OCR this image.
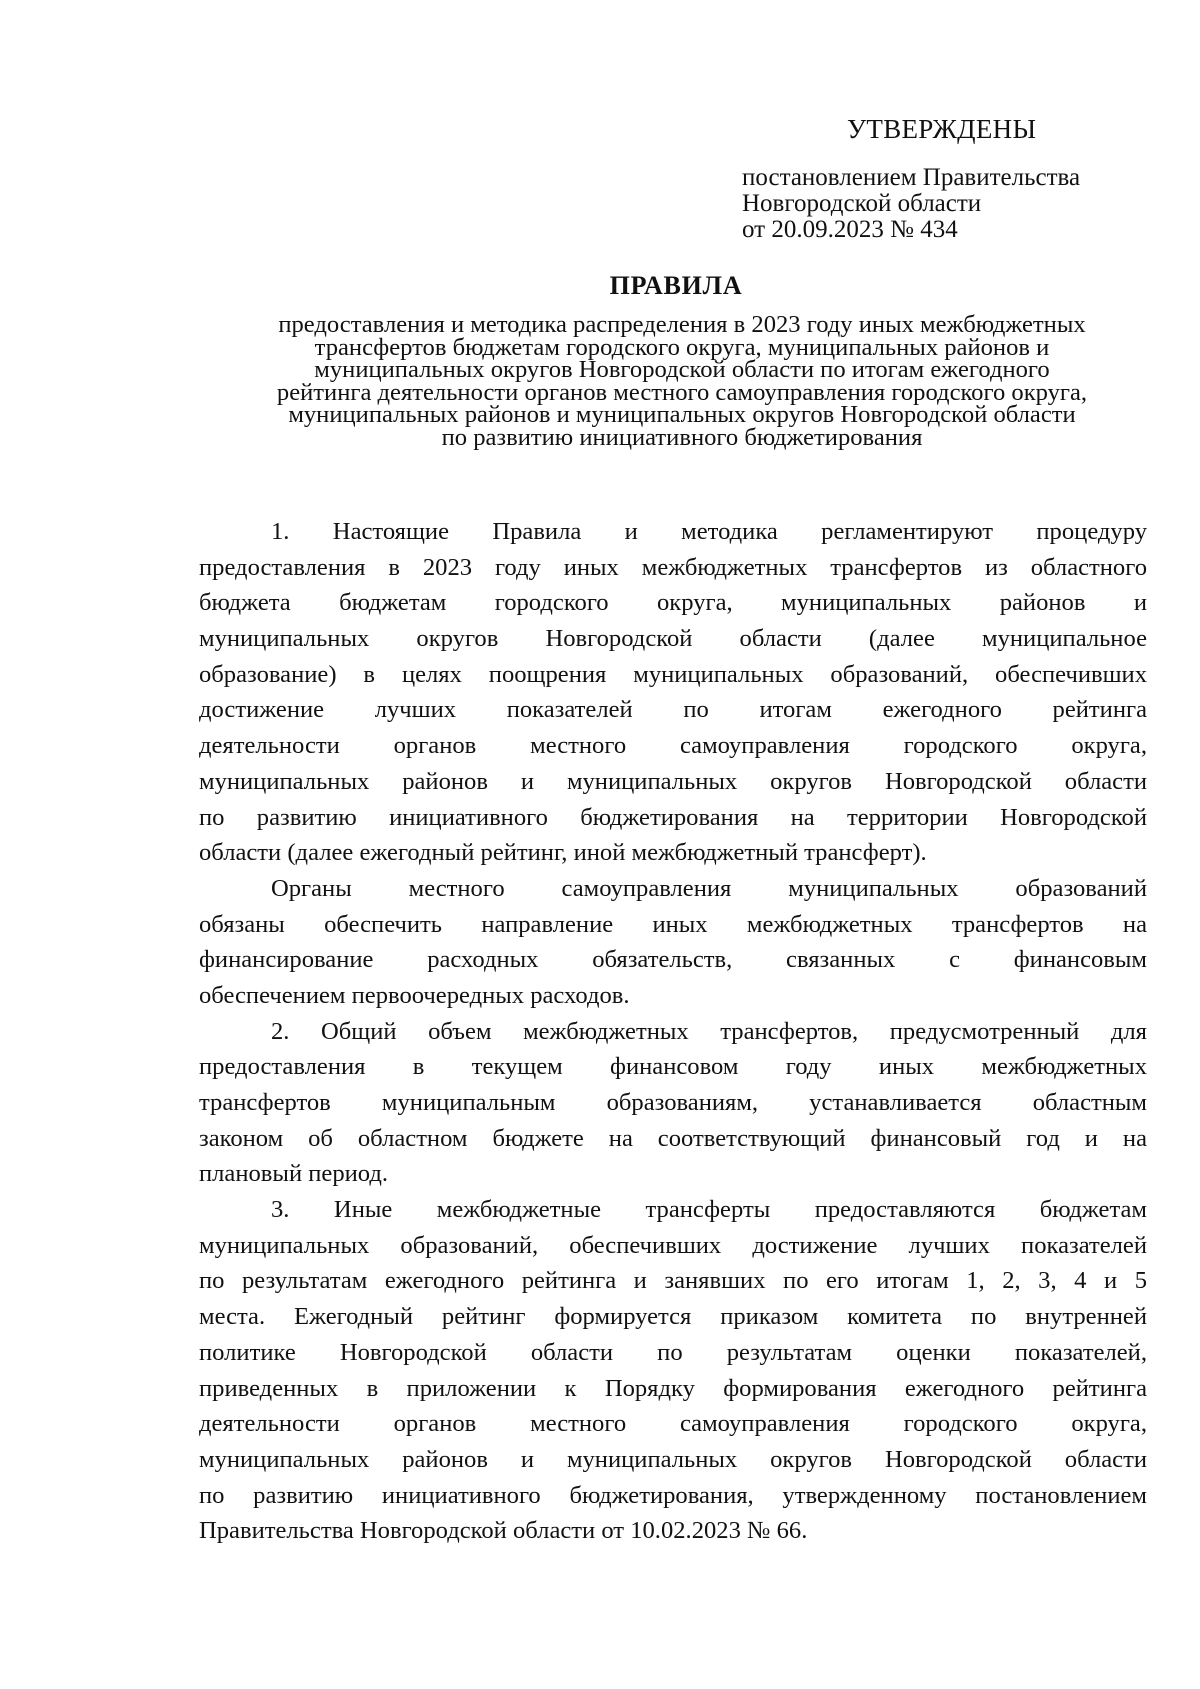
УТВЕРЖДЕНЫ
постановлением Правительства
Новгородской области
от 20.09.2023 № 434
ПРАВИЛА
предоставления и методика распределения в 2023 году иных межбюджетных
трансфертов бюджетам городского округа, муниципальных районов и
муниципальных округов Новгородской области по итогам ежегодного
рейтинга деятельности органов местного самоуправления городского округа,
муниципальных районов и муниципальных округов Новгородской области
по развитию инициативного бюджетирования
1. Настоящие Правила и методика регламентируют процедуру
предоставления в 2023 году иных межбюджетных трансфертов из областного
бюджета бюджетам городского округа, муниципальных районов и
муниципальных округов Новгородской области (далее муниципальное
образование) в целях поощрения муниципальных образований, обеспечивших
достижение лучших показателей по итогам ежегодного рейтинга
деятельности органов местного самоуправления городского округа,
муниципальных районов и муниципальных округов Новгородской области
по развитию инициативного бюджетирования на территории Новгородской
области (далее ежегодный рейтинг, иной межбюджетный трансферт).
Органы местного самоуправления муниципальных образований
обязаны обеспечить направление иных межбюджетных трансфертов на
финансирование расходных обязательств, связанных с финансовым
обеспечением первоочередных расходов.
2. Общий объем межбюджетных трансфертов, предусмотренный для
предоставления в текущем финансовом году иных межбюджетных
трансфертов муниципальным образованиям, устанавливается областным
законом об областном бюджете на соответствующий финансовый год и на
плановый период.
3. Иные межбюджетные трансферты предоставляются бюджетам
муниципальных образований, обеспечивших достижение лучших показателей
по результатам ежегодного рейтинга и занявших по его итогам 1, 2, 3, 4 и 5
места. Ежегодный рейтинг формируется приказом комитета по внутренней
политике Новгородской области по результатам оценки показателей,
приведенных в приложении к Порядку формирования ежегодного рейтинга
деятельности органов местного самоуправления городского округа,
муниципальных районов и муниципальных округов Новгородской области
по развитию инициативного бюджетирования, утвержденному постановлением
Правительства Новгородской области от 10.02.2023 № 66.
